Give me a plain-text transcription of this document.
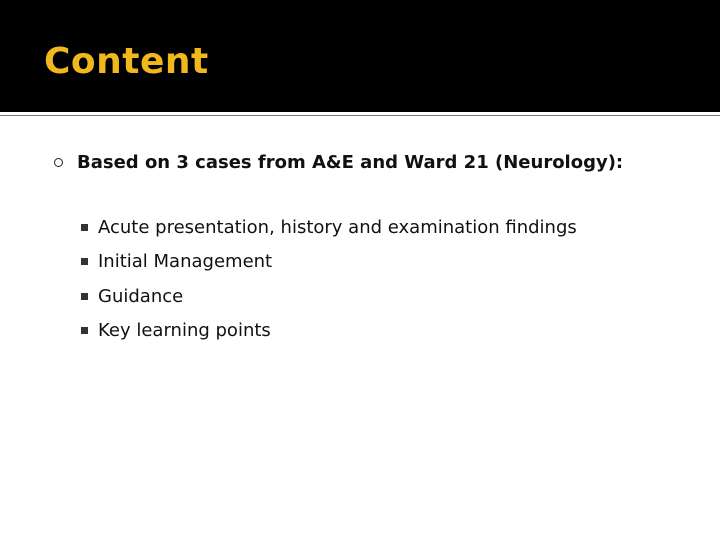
Content
Based on 3 cases from A&E and Ward 21 (Neurology):
Acute presentation, history and examination findings
Initial Management
Guidance
Key learning points
